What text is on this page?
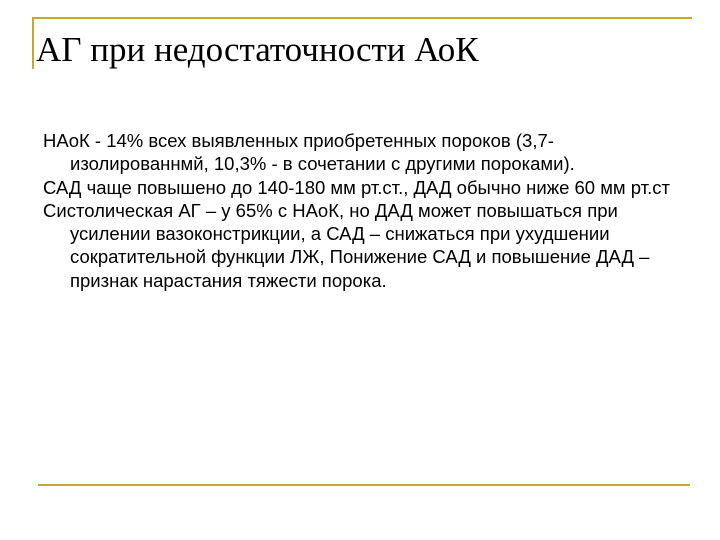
АГ при недостаточности АоК

НАоК - 14% всех выявленных приобретенных пороков (3,7- изолированнмй, 10,3% - в сочетании с другими пороками).

САД чаще повышено до 140-180 мм рт.ст., ДАД обычно ниже 60 мм рт.ст

Систолическая АГ – у 65% с НАоК, но ДАД может повышаться при усилении вазоконстрикции, а САД – снижаться при ухудшении сократительной функции ЛЖ, Понижение САД и повышение ДАД – признак нарастания тяжести порока.
